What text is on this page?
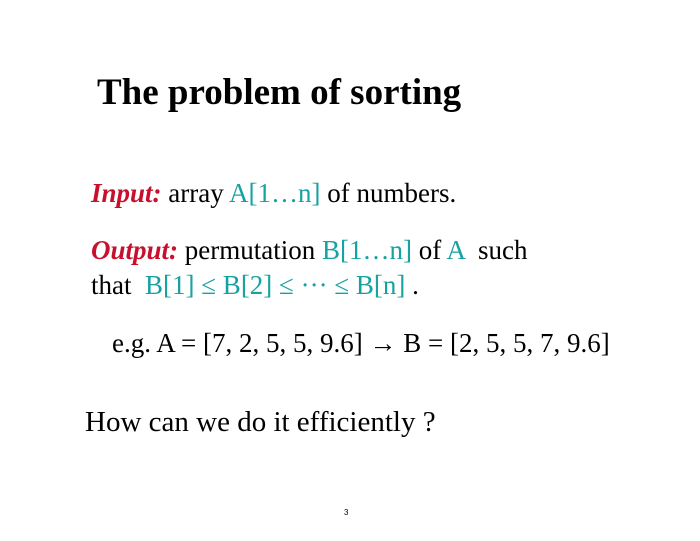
The problem of sorting
Input: array A[1…n] of numbers.
Output: permutation B[1…n] of A  such
that  B[1] ≤ B[2] ≤ ··· ≤ B[n] .
e.g. A = [7, 2, 5, 5, 9.6] → B = [2, 5, 5, 7, 9.6]
How can we do it efficiently ?
3
